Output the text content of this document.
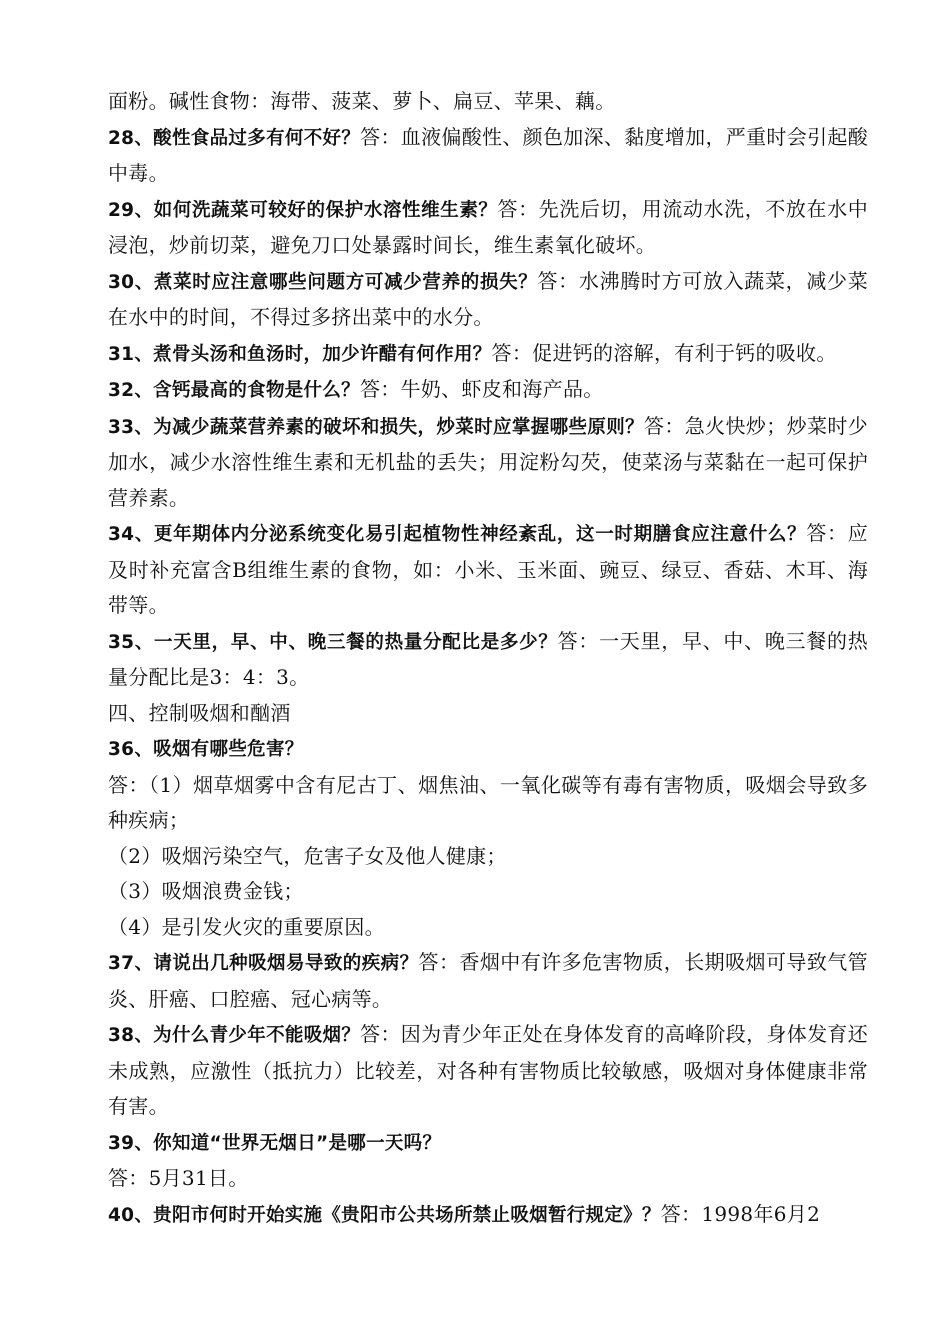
面粉。碱性食物：海带、菠菜、萝卜、扁豆、苹果、藕。

28、酸性食品过多有何不好？答：血液偏酸性、颜色加深、黏度增加，严重时会引起酸中毒。

29、如何洗蔬菜可较好的保护水溶性维生素？答：先洗后切，用流动水洗，不放在水中浸泡，炒前切菜，避免刀口处暴露时间长，维生素氧化破坏。

30、煮菜时应注意哪些问题方可减少营养的损失？答：水沸腾时方可放入蔬菜，减少菜在水中的时间，不得过多挤出菜中的水分。

31、煮骨头汤和鱼汤时，加少许醋有何作用？答：促进钙的溶解，有利于钙的吸收。

32、含钙最高的食物是什么？答：牛奶、虾皮和海产品。

33、为减少蔬菜营养素的破坏和损失，炒菜时应掌握哪些原则？答：急火快炒；炒菜时少加水，减少水溶性维生素和无机盐的丢失；用淀粉勾芡，使菜汤与菜黏在一起可保护营养素。

34、更年期体内分泌系统变化易引起植物性神经紊乱，这一时期膳食应注意什么？答：应及时补充富含B组维生素的食物，如：小米、玉米面、豌豆、绿豆、香菇、木耳、海带等。

35、一天里，早、中、晚三餐的热量分配比是多少？答：一天里，早、中、晚三餐的热量分配比是3：4：3。

四、控制吸烟和酗酒

36、吸烟有哪些危害？

答：（1）烟草烟雾中含有尼古丁、烟焦油、一氧化碳等有毒有害物质，吸烟会导致多种疾病；

（2）吸烟污染空气，危害子女及他人健康；

（3）吸烟浪费金钱；

（4）是引发火灾的重要原因。

37、请说出几种吸烟易导致的疾病？答：香烟中有许多危害物质，长期吸烟可导致气管炎、肝癌、口腔癌、冠心病等。

38、为什么青少年不能吸烟？答：因为青少年正处在身体发育的高峰阶段，身体发育还未成熟，应激性（抵抗力）比较差，对各种有害物质比较敏感，吸烟对身体健康非常有害。

39、你知道“世界无烟日”是哪一天吗？

答：5月31日。

40、贵阳市何时开始实施《贵阳市公共场所禁止吸烟暂行规定》？答：1998年6月2
